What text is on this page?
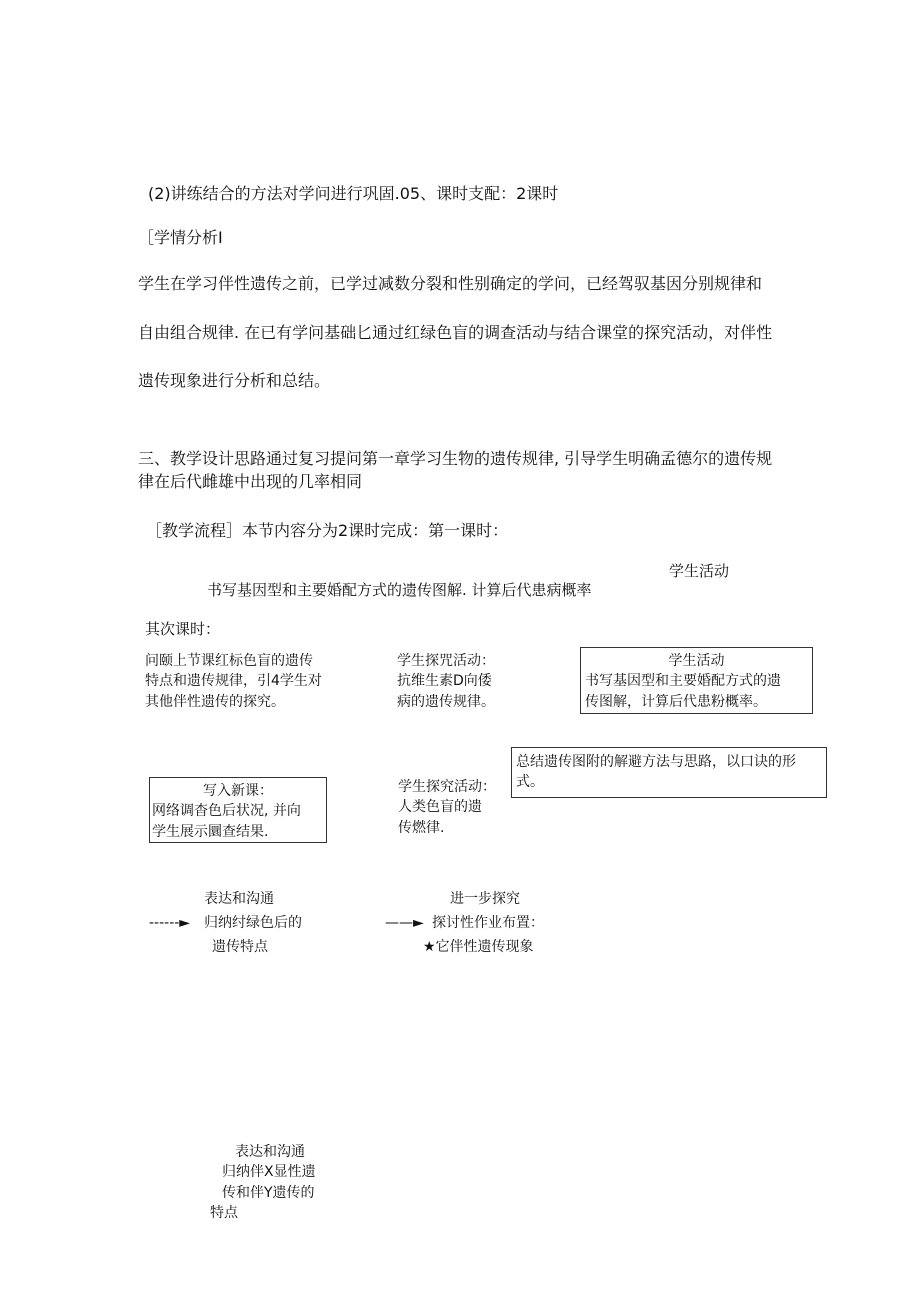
(2)讲练结合的方法对学问进行巩固.05、课时支配：2课时
［学情分析I
学生在学习伴性遗传之前，已学过减数分裂和性别确定的学问，已经驾驭基因分别规律和
自由组合规律. 在已有学问基础匕通过红绿色盲的调查活动与结合课堂的探究活动，对伴性
遗传现象进行分析和总结。
三、教学设计思路通过复习提问第一章学习生物的遗传规律, 引导学生明确孟德尔的遗传规
律在后代雌雄中出现的几率相同
［教学流程］本节内容分为2课时完成：第一课时：
学生活动
书写基因型和主要婚配方式的遗传图解. 计算后代患病概率
其次课时：
问颐上节课红标色盲的遗传
特点和遗传规律，引4学生对
其他伴性遗传的探究。
学生探咒活动：
抗维生素D向倭
病的遗传规律。
学生活动
书写基因型和主要婚配方式的遗
传图解，计算后代患粉概率。
总结遗传图附的解避方法与思路，以口诀的形
式。
写入新课：
网络调杳色后状况, 并向
学生展示圜查结果.
学生探究活动：
人类色盲的遗
传燃律.
表达和沟通
------► 归纳纣绿色后的
遗传特点
进一步探究
——► 探讨性作业布置：
★它伴性遗传现象
表达和沟通
归纳伴X显性遗
传和伴Y遗传的
特点
